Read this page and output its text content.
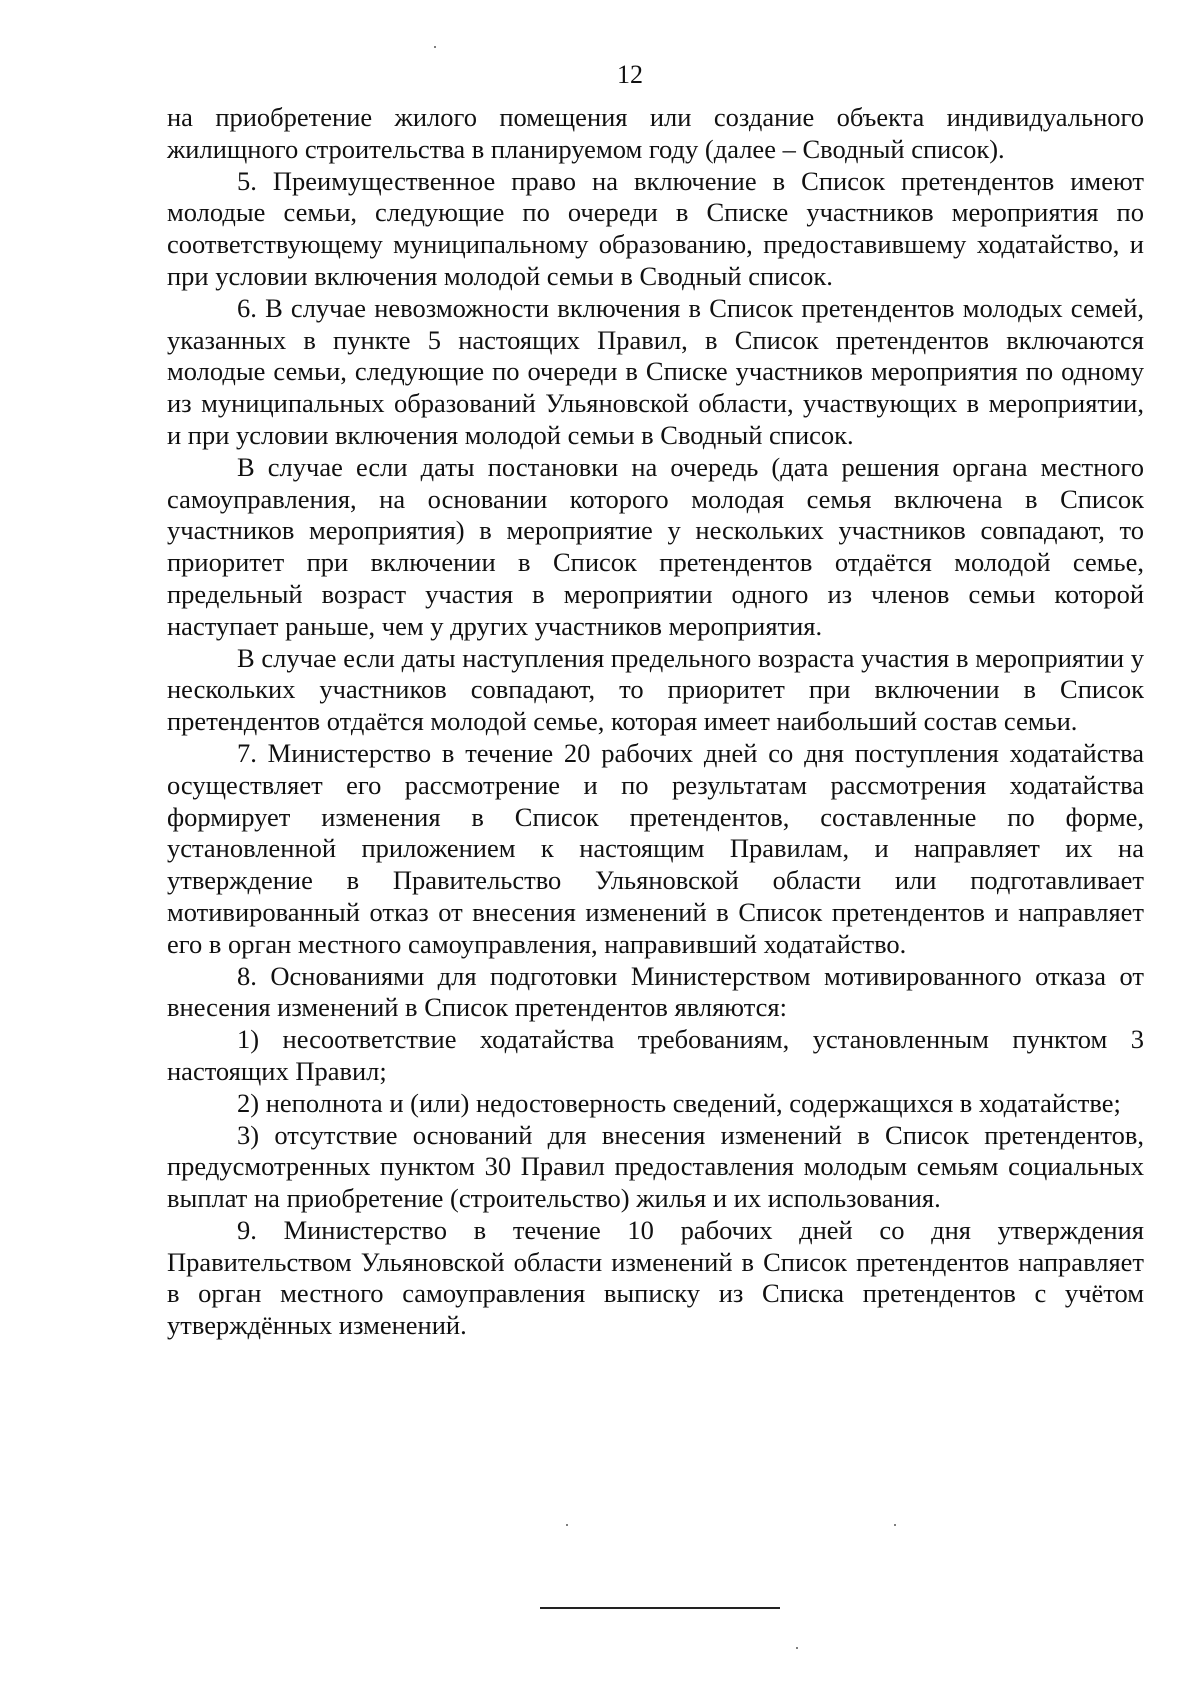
12

на приобретение жилого помещения или создание объекта индивидуального жилищного строительства в планируемом году (далее – Сводный список).

5. Преимущественное право на включение в Список претендентов имеют молодые семьи, следующие по очереди в Списке участников мероприятия по соответствующему муниципальному образованию, предоставившему ходатайство, и при условии включения молодой семьи в Сводный список.

6. В случае невозможности включения в Список претендентов молодых семей, указанных в пункте 5 настоящих Правил, в Список претендентов включаются молодые семьи, следующие по очереди в Списке участников мероприятия по одному из муниципальных образований Ульяновской области, участвующих в мероприятии, и при условии включения молодой семьи в Сводный список.

В случае если даты постановки на очередь (дата решения органа местного самоуправления, на основании которого молодая семья включена в Список участников мероприятия) в мероприятие у нескольких участников совпадают, то приоритет при включении в Список претендентов отдаётся молодой семье, предельный возраст участия в мероприятии одного из членов семьи которой наступает раньше, чем у других участников мероприятия.

В случае если даты наступления предельного возраста участия в мероприятии у нескольких участников совпадают, то приоритет при включении в Список претендентов отдаётся молодой семье, которая имеет наибольший состав семьи.

7. Министерство в течение 20 рабочих дней со дня поступления ходатайства осуществляет его рассмотрение и по результатам рассмотрения ходатайства формирует изменения в Список претендентов, составленные по форме, установленной приложением к настоящим Правилам, и направляет их на утверждение в Правительство Ульяновской области или подготавливает мотивированный отказ от внесения изменений в Список претендентов и направляет его в орган местного самоуправления, направивший ходатайство.

8. Основаниями для подготовки Министерством мотивированного отказа от внесения изменений в Список претендентов являются:

1) несоответствие ходатайства требованиям, установленным пунктом 3 настоящих Правил;

2) неполнота и (или) недостоверность сведений, содержащихся в ходатайстве;

3) отсутствие оснований для внесения изменений в Список претендентов, предусмотренных пунктом 30 Правил предоставления молодым семьям социальных выплат на приобретение (строительство) жилья и их использования.

9. Министерство в течение 10 рабочих дней со дня утверждения Правительством Ульяновской области изменений в Список претендентов направляет в орган местного самоуправления выписку из Списка претендентов с учётом утверждённых изменений.
